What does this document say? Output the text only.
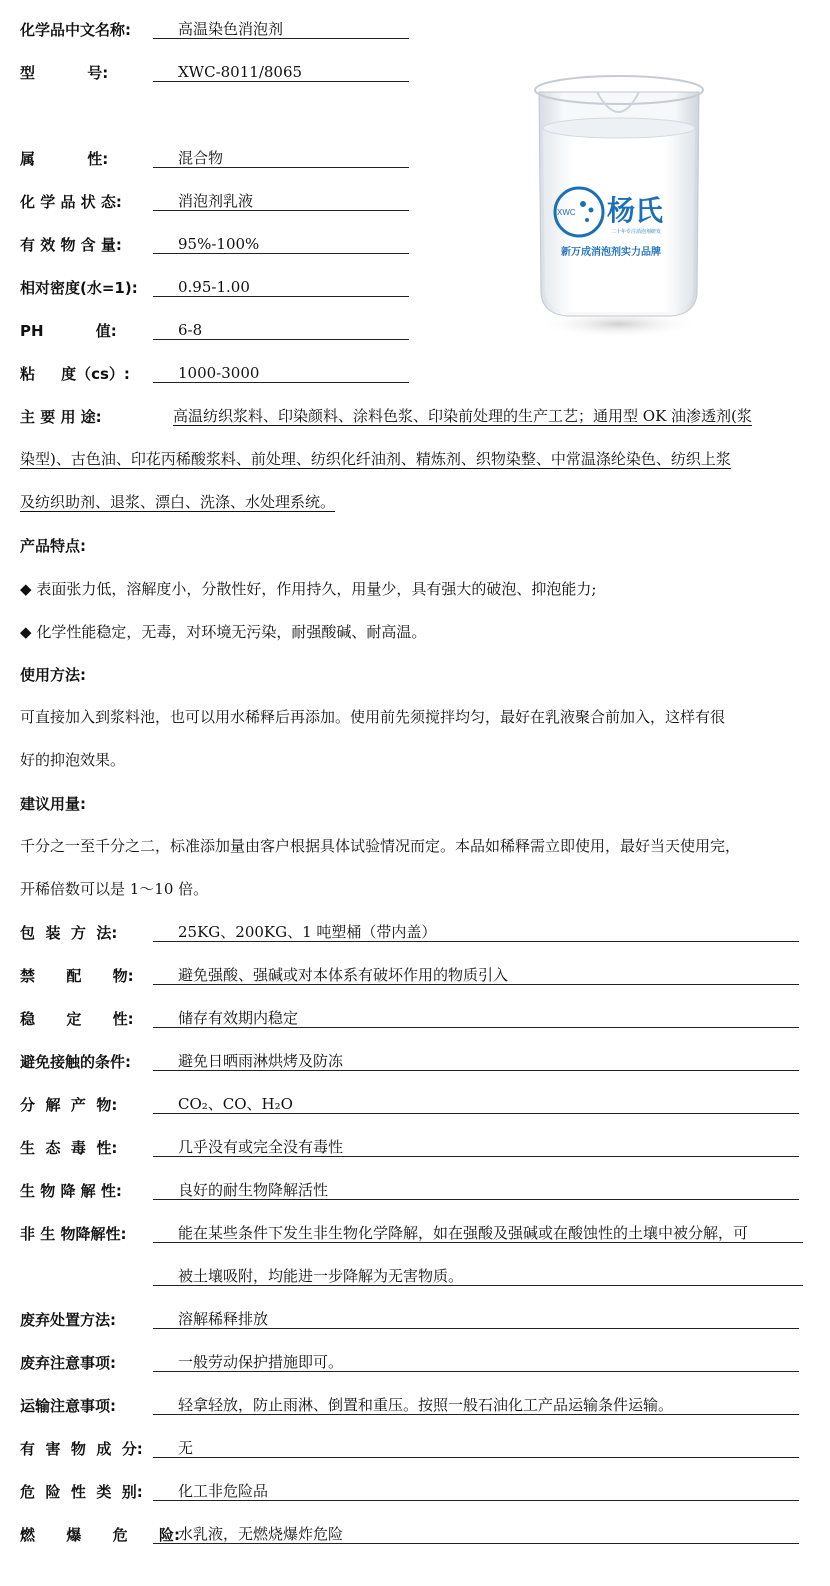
化学品中文名称:	高温染色消泡剂
型          号:	XWC-8011/8065
属          性:	混合物
化 学 品 状 态:	消泡剂乳液
有 效 物 含 量:	95%-100%
相对密度(水=1):	0.95-1.00
PH          值:	6-8
粘     度（cs）:	1000-3000
XWC 杨氏
二十年专注消泡剂研发
新万成消泡剂实力品牌
主 要 用 途:	高温纺织浆料、印染颜料、涂料色浆、印染前处理的生产工艺；通用型 OK 油渗透剂(浆
染型)、古色油、印花丙稀酸浆料、前处理、纺织化纤油剂、精炼剂、织物染整、中常温涤纶染色、纺织上浆
及纺织助剂、退浆、漂白、洗涤、水处理系统。
产品特点:
◆ 表面张力低，溶解度小，分散性好，作用持久，用量少，具有强大的破泡、抑泡能力;
◆ 化学性能稳定，无毒，对环境无污染，耐强酸碱、耐高温。
使用方法:
可直接加入到浆料池，也可以用水稀释后再添加。使用前先须搅拌均匀，最好在乳液聚合前加入，这样有很
好的抑泡效果。
建议用量:
千分之一至千分之二，标准添加量由客户根据具体试验情况而定。本品如稀释需立即使用，最好当天使用完，
开稀倍数可以是 1～10 倍。
包  装  方  法:	25KG、200KG、1 吨塑桶（带内盖）
禁      配      物:	避免强酸、强碱或对本体系有破坏作用的物质引入
稳      定      性:	储存有效期内稳定
避免接触的条件:	避免日晒雨淋烘烤及防冻
分  解  产  物:	CO₂、CO、H₂O
生  态  毒  性:	几乎没有或完全没有毒性
生 物 降 解 性:	良好的耐生物降解活性
非 生 物降解性:	能在某些条件下发生非生物化学降解，如在强酸及强碱或在酸蚀性的土壤中被分解，可
被土壤吸附，均能进一步降解为无害物质。
废弃处置方法:	溶解稀释排放
废弃注意事项:	一般劳动保护措施即可。
运输注意事项:	轻拿轻放，防止雨淋、倒置和重压。按照一般石油化工产品运输条件运输。
有  害  物  成  分:	无
危  险  性  类  别:	化工非危险品
燃      爆      危      险:
水乳液，无燃烧爆炸危险
